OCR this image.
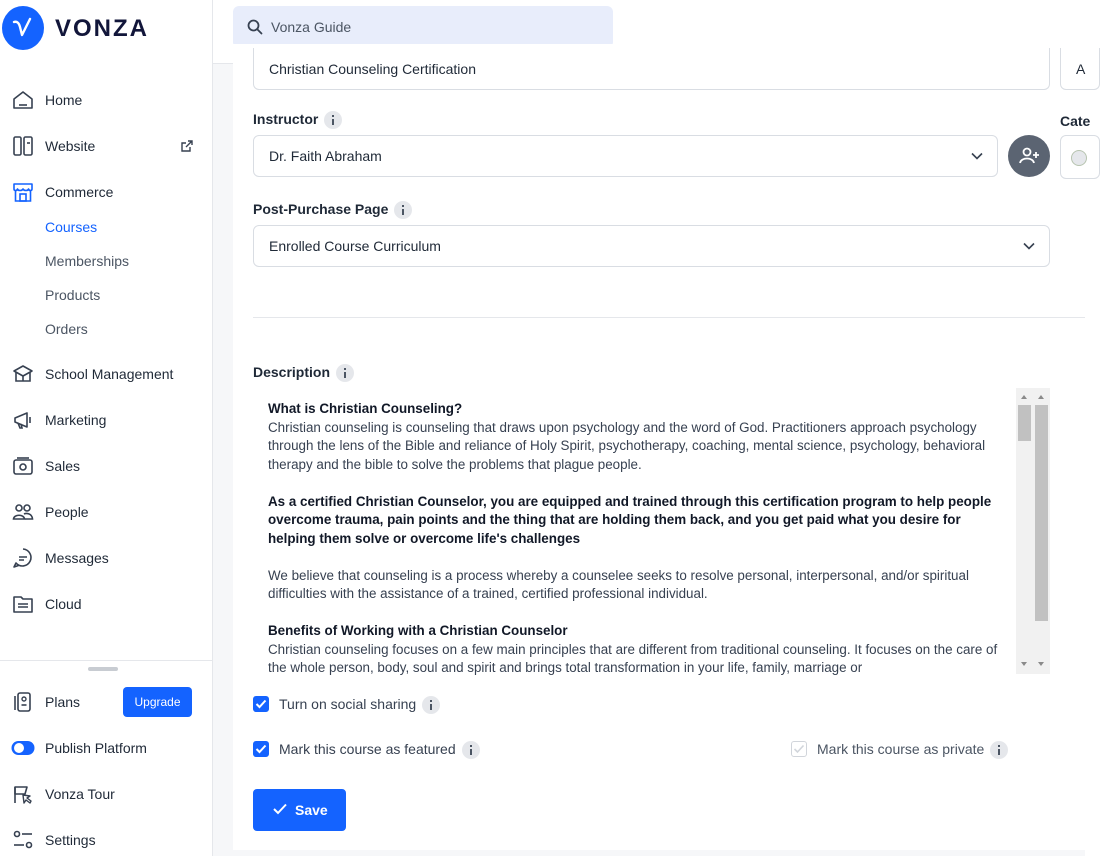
VONZA
Home
Website
Commerce
Courses
Memberships
Products
Orders
School Management
Marketing
Sales
People
Messages
Cloud
Plans	Upgrade
Publish Platform
Vonza Tour
Settings
Vonza Guide
Christian Counseling Certification	A
Instructor	Cate
Dr. Faith Abraham
Post-Purchase Page
Enrolled Course Curriculum
Description
What is Christian Counseling?
Christian counseling is counseling that draws upon psychology and the word of God. Practitioners approach psychology through the lens of the Bible and reliance of Holy Spirit, psychotherapy, coaching, mental science, psychology, behavioral therapy and the bible to solve the problems that plague people.
As a certified Christian Counselor, you are equipped and trained through this certification program to help people overcome trauma, pain points and the thing that are holding them back, and you get paid what you desire for helping them solve or overcome life's challenges
We believe that counseling is a process whereby a counselee seeks to resolve personal, interpersonal, and/or spiritual difficulties with the assistance of a trained, certified professional individual.
Benefits of Working with a Christian Counselor
Christian counseling focuses on a few main principles that are different from traditional counseling. It focuses on the care of the whole person, body, soul and spirit and brings total transformation in your life, family, marriage or
Turn on social sharing
Mark this course as featured	Mark this course as private
Save
